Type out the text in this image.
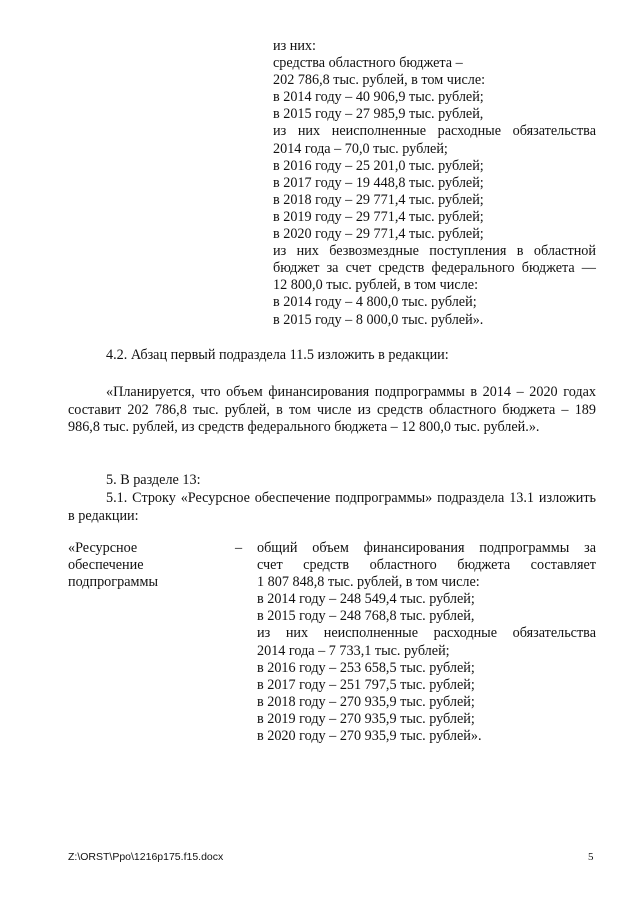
из них:
средства областного бюджета –
202 786,8 тыс. рублей, в том числе:
в 2014 году – 40 906,9 тыс. рублей;
в 2015 году – 27 985,9 тыс. рублей,
из них неисполненные расходные обязательства
2014 года – 70,0 тыс. рублей;
в 2016 году – 25 201,0 тыс. рублей;
в 2017 году – 19 448,8 тыс. рублей;
в 2018 году – 29 771,4 тыс. рублей;
в 2019 году – 29 771,4 тыс. рублей;
в 2020 году – 29 771,4 тыс. рублей;
из них безвозмездные поступления в областной
бюджет за счет средств федерального бюджета —
12 800,0 тыс. рублей, в том числе:
в 2014 году – 4 800,0 тыс. рублей;
в 2015 году – 8 000,0 тыс. рублей».
4.2. Абзац первый подраздела 11.5 изложить в редакции:
«Планируется, что объем финансирования подпрограммы в 2014 – 2020 годах составит 202 786,8 тыс. рублей, в том числе из средств областного бюджета – 189 986,8 тыс. рублей, из средств федерального бюджета – 12 800,0 тыс. рублей.».
5. В разделе 13:
5.1. Строку «Ресурсное обеспечение подпрограммы» подраздела 13.1 изложить в редакции:
«Ресурсное
обеспечение
подпрограммы
– общий объем финансирования подпрограммы за
счет средств областного бюджета составляет
1 807 848,8 тыс. рублей, в том числе:
в 2014 году – 248 549,4 тыс. рублей;
в 2015 году – 248 768,8 тыс. рублей,
из них неисполненные расходные обязательства
2014 года – 7 733,1 тыс. рублей;
в 2016 году – 253 658,5 тыс. рублей;
в 2017 году – 251 797,5 тыс. рублей;
в 2018 году – 270 935,9 тыс. рублей;
в 2019 году – 270 935,9 тыс. рублей;
в 2020 году – 270 935,9 тыс. рублей».
Z:\ORST\Ppo\1216p175.f15.docx	5
